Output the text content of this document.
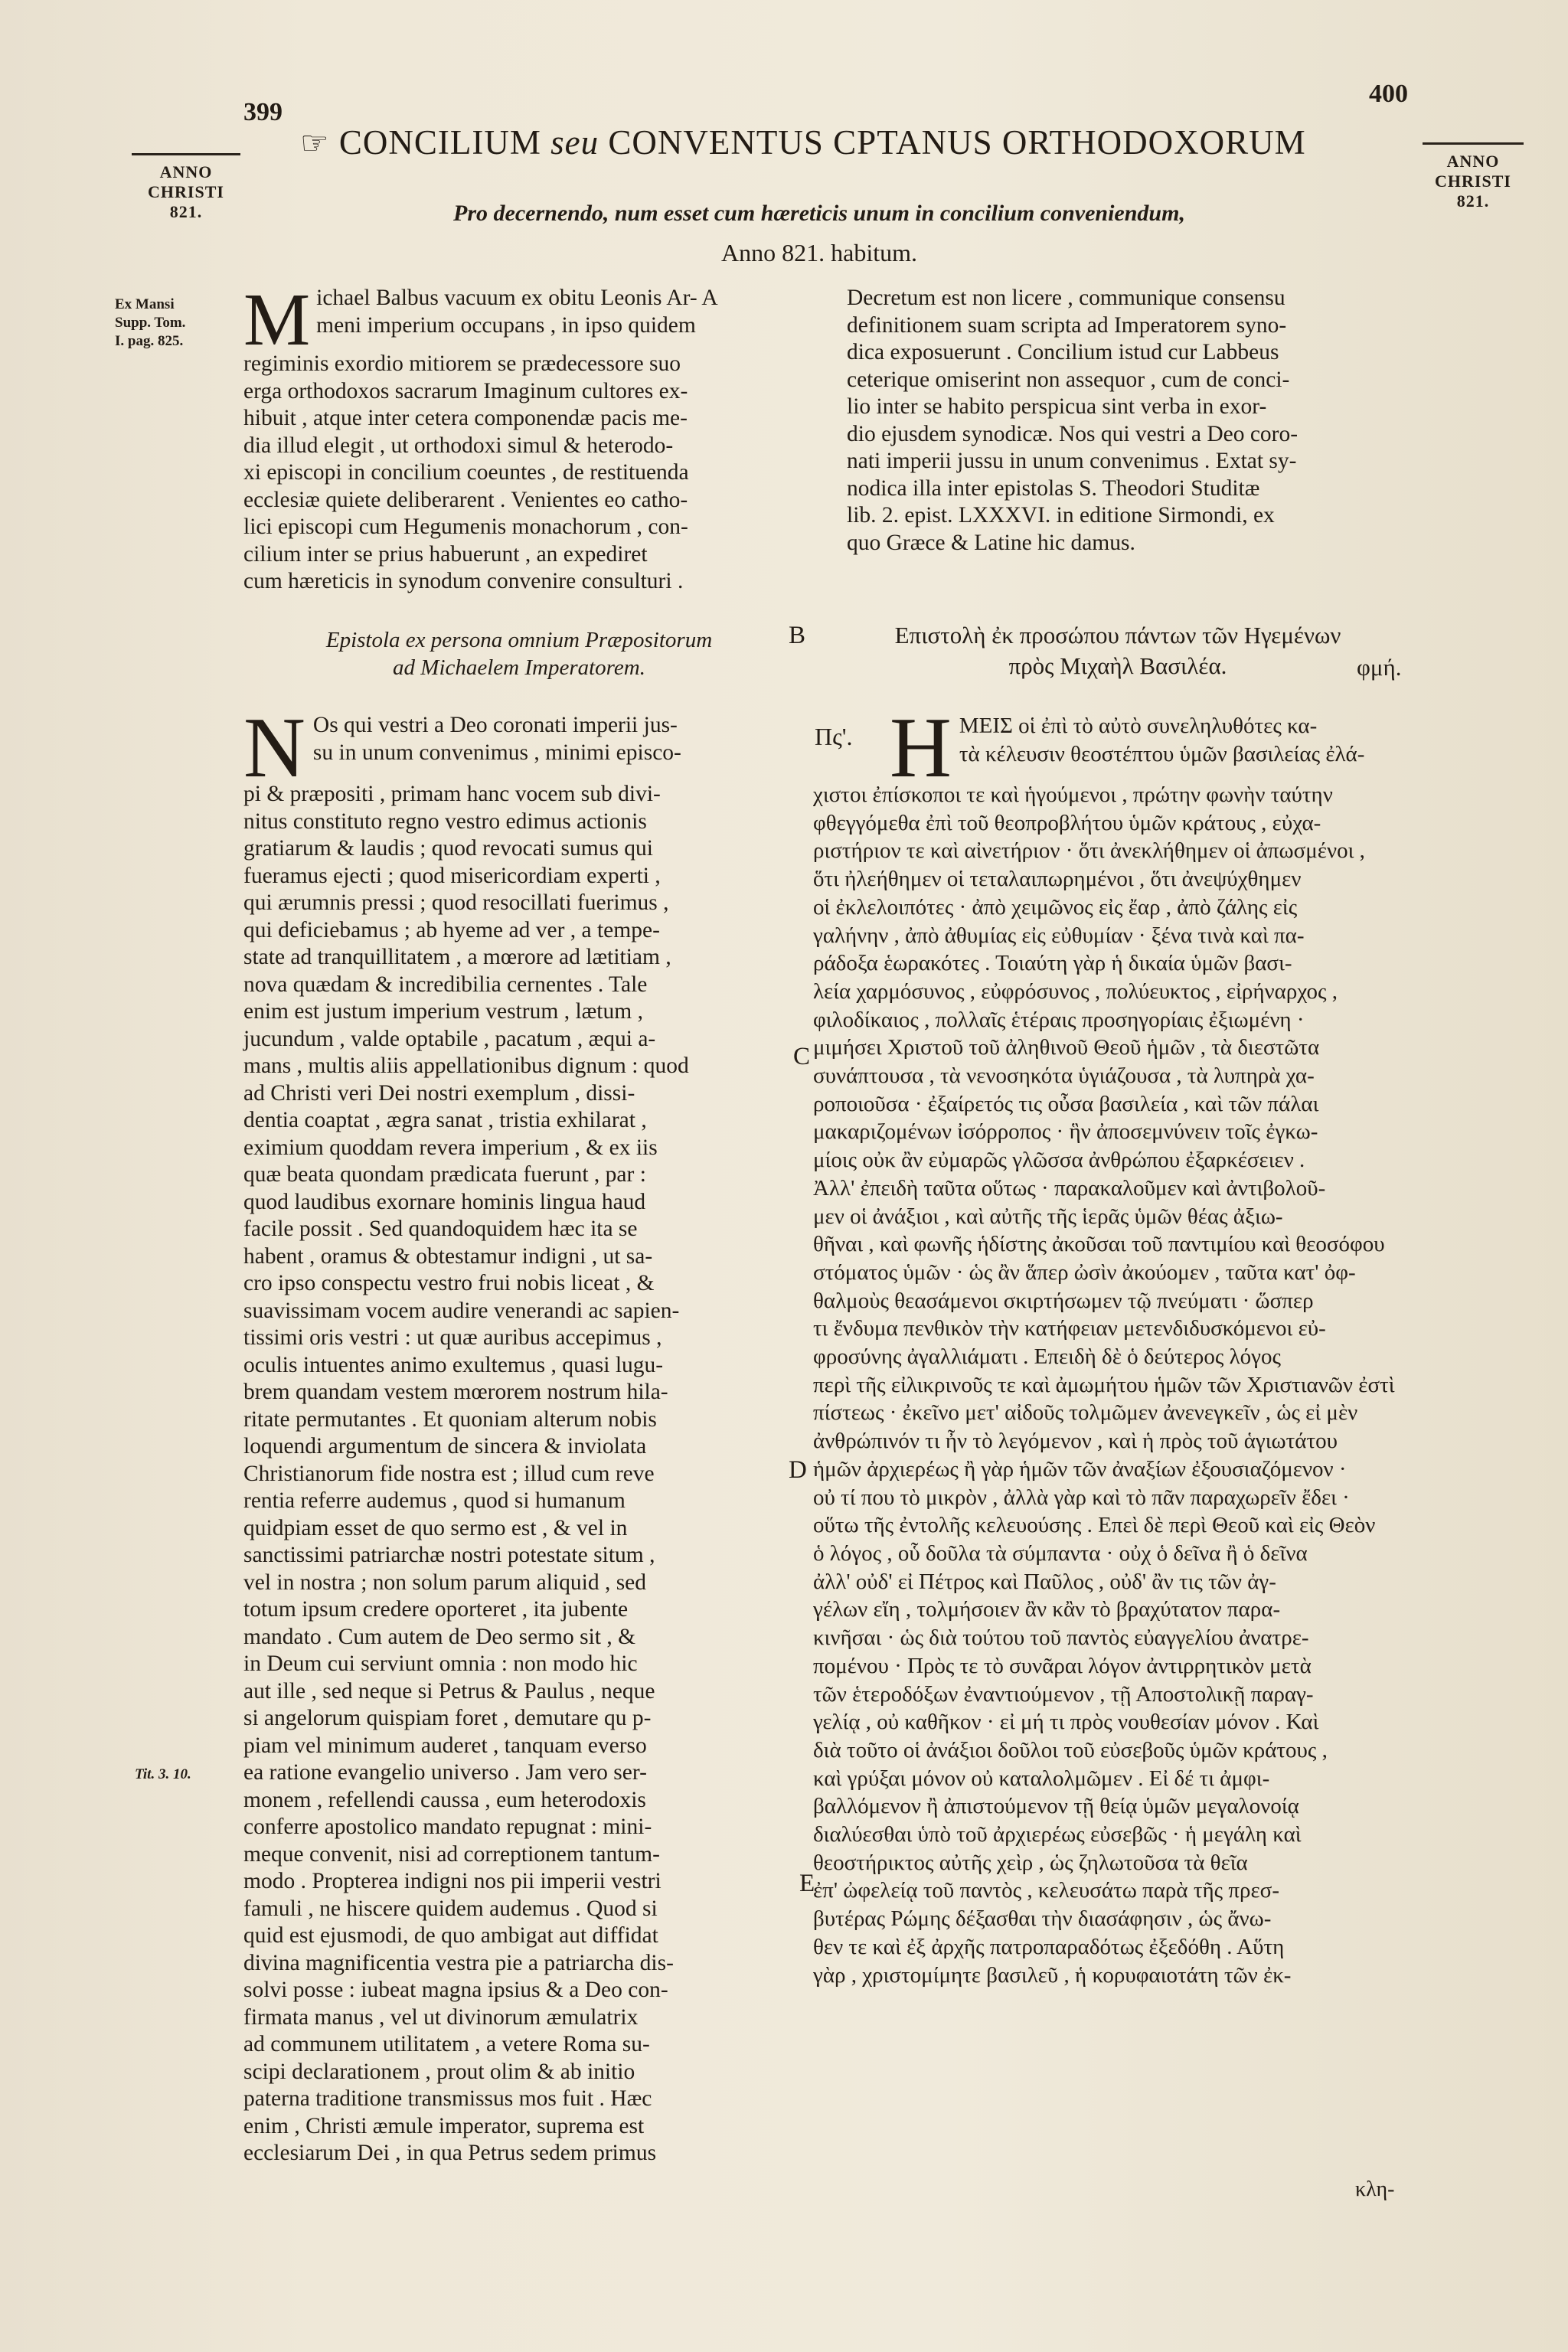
399
400
ANNO
CHRISTI
821.
ANNO
CHRISTI
821.
☞ CONCILIUM seu CONVENTUS CPTANUS ORTHODOXORUM
Pro decernendo, num esset cum hæreticis unum in concilium conveniendum,
Anno 821. habitum.
Ex Mansi
Supp. Tom.
I. pag. 825. M ichael Balbus vacuum ex obitu Leonis Ar- A
meni imperium occupans , in ipso quidem
regiminis exordio mitiorem se prædecessore suo
erga orthodoxos sacrarum Imaginum cultores ex-
hibuit , atque inter cetera componendæ pacis me-
dia illud elegit , ut orthodoxi simul & heterodo-
xi episcopi in concilium coeuntes , de restituenda
ecclesiæ quiete deliberarent . Venientes eo catho-
lici episcopi cum Hegumenis monachorum , con-
cilium inter se prius habuerunt , an expediret
cum hæreticis in synodum convenire consulturi .
Decretum est non licere , communique consensu
definitionem suam scripta ad Imperatorem syno-
dica exposuerunt . Concilium istud cur Labbeus
ceterique omiserint non assequor , cum de conci-
lio inter se habito perspicua sint verba in exor-
dio ejusdem synodicæ. Nos qui vestri a Deo coro-
nati imperii jussu in unum convenimus . Extat sy-
nodica illa inter epistolas S. Theodori Studitæ
lib. 2. epist. LXXXVI. in editione Sirmondi, ex
quo Græce & Latine hic damus.
Epistola ex persona omnium Præpositorum
ad Michaelem Imperatorem.
B	Επιστολὴ ἐκ προσώπου πάντων τῶν Ηγεμένων
πρὸς Μιχαὴλ Βασιλέα.	φμή.
N Os qui vestri a Deo coronati imperii jus-
su in unum convenimus , minimi episco-
pi & præpositi , primam hanc vocem sub divi-
nitus constituto regno vestro edimus actionis
gratiarum & laudis ; quod revocati sumus qui
fueramus ejecti ; quod misericordiam experti ,
qui ærumnis pressi ; quod resocillati fuerimus ,
qui deficiebamus ; ab hyeme ad ver , a tempe-
state ad tranquillitatem , a mœrore ad lætitiam ,
nova quædam & incredibilia cernentes . Tale
enim est justum imperium vestrum , lætum ,
jucundum , valde optabile , pacatum , æqui a-
mans , multis aliis appellationibus dignum : quod
ad Christi veri Dei nostri exemplum , dissi-
dentia coaptat , ægra sanat , tristia exhilarat ,
eximium quoddam revera imperium , & ex iis
quæ beata quondam prædicata fuerunt , par :
quod laudibus exornare hominis lingua haud
facile possit . Sed quandoquidem hæc ita se
habent , oramus & obtestamur indigni , ut sa-
cro ipso conspectu vestro frui nobis liceat , &
suavissimam vocem audire venerandi ac sapien-
tissimi oris vestri : ut quæ auribus accepimus ,
oculis intuentes animo exultemus , quasi lugu-
brem quandam vestem mœrorem nostrum hila-
ritate permutantes . Et quoniam alterum nobis
loquendi argumentum de sincera & inviolata
Christianorum fide nostra est ; illud cum reve
rentia referre audemus , quod si humanum
quidpiam esset de quo sermo est , & vel in
sanctissimi patriarchæ nostri potestate situm ,
vel in nostra ; non solum parum aliquid , sed
totum ipsum credere oporteret , ita jubente
mandato . Cum autem de Deo sermo sit , &
in Deum cui serviunt omnia : non modo hic
aut ille , sed neque si Petrus & Paulus , neque
si angelorum quispiam foret , demutare qu p-
piam vel minimum auderet , tanquam everso
ea ratione evangelio universo . Jam vero ser-
monem , refellendi caussa , eum heterodoxis
conferre apostolico mandato repugnat : mini-
meque convenit, nisi ad correptionem tantum-
modo . Propterea indigni nos pii imperii vestri
famuli , ne hiscere quidem audemus . Quod si
quid est ejusmodi, de quo ambigat aut diffidat
divina magnificentia vestra pie a patriarcha dis-
solvi posse : iubeat magna ipsius & a Deo con-
firmata manus , vel ut divinorum æmulatrix
ad communem utilitatem , a vetere Roma su-
scipi declarationem , prout olim & ab initio
paterna traditione transmissus mos fuit . Hæc
enim , Christi æmule imperator, suprema est
ecclesiarum Dei , in qua Petrus sedem primus
C
D
E
Tit. 3. 10.
Πς'. Η ΜΕΙΣ οἱ ἐπὶ τὸ αὐτὸ συνεληλυθότες κα-
τὰ κέλευσιν θεοστέπτου ὑμῶν βασιλείας ἐλά-
χιστοι ἐπίσκοποι τε καὶ ἡγούμενοι , πρώτην φωνὴν ταύτην
φθεγγόμεθα ἐπὶ τοῦ θεοπροβλήτου ὑμῶν κράτους , εὐχα-
ριστήριον τε καὶ αἰνετήριον · ὅτι ἀνεκλήθημεν οἱ ἀπωσμένοι ,
ὅτι ἠλεήθημεν οἱ τεταλαιπωρημένοι , ὅτι ἀνεψύχθημεν
οἱ ἐκλελοιπότες · ἀπὸ χειμῶνος εἰς ἔαρ , ἀπὸ ζάλης εἰς
γαλήνην , ἀπὸ ἀθυμίας εἰς εὐθυμίαν · ξένα τινὰ καὶ πα-
ράδοξα ἑωρακότες . Τοιαύτη γὰρ ἡ δικαία ὑμῶν βασι-
λεία χαρμόσυνος , εὐφρόσυνος , πολύευκτος , εἰρήναρχος ,
φιλοδίκαιος , πολλαῖς ἑτέραις προσηγορίαις ἐξιωμένη ·
μιμήσει Χριστοῦ τοῦ ἀληθινοῦ Θεοῦ ἡμῶν , τὰ διεστῶτα
συνάπτουσα , τὰ νενοσηκότα ὑγιάζουσα , τὰ λυπηρὰ χα-
ροποιοῦσα · ἐξαίρετός τις οὖσα βασιλεία , καὶ τῶν πάλαι
μακαριζομένων ἰσόρροπος · ἣν ἀποσεμνύνειν τοῖς ἐγκω-
μίοις οὐκ ἂν εὐμαρῶς γλῶσσα ἀνθρώπου ἐξαρκέσειεν .
Ἀλλ' ἐπειδὴ ταῦτα οὕτως · παρακαλοῦμεν καὶ ἀντιβολοῦ-
μεν οἱ ἀνάξιοι , καὶ αὐτῆς τῆς ἱερᾶς ὑμῶν θέας ἀξιω-
θῆναι , καὶ φωνῆς ἡδίστης ἀκοῦσαι τοῦ παντιμίου καὶ θεοσόφου
στόματος ὑμῶν · ὡς ἂν ἅπερ ὠσὶν ἀκούομεν , ταῦτα κατ' ὀφ-
θαλμοὺς θεασάμενοι σκιρτήσωμεν τῷ πνεύματι · ὥσπερ
τι ἔνδυμα πενθικὸν τὴν κατήφειαν μετενδιδυσκόμενοι εὐ-
φροσύνης ἀγαλλιάματι . Επειδὴ δὲ ὁ δεύτερος λόγος
περὶ τῆς εἰλικρινοῦς τε καὶ ἀμωμήτου ἡμῶν τῶν Χριστιανῶν ἐστὶ
πίστεως · ἐκεῖνο μετ' αἰδοῦς τολμῶμεν ἀνενεγκεῖν , ὡς εἰ μὲν
ἀνθρώπινόν τι ἦν τὸ λεγόμενον , καὶ ἡ πρὸς τοῦ ἁγιωτάτου
ἡμῶν ἀρχιερέως ἢ γὰρ ἡμῶν τῶν ἀναξίων ἐξουσιαζόμενον ·
οὐ τί που τὸ μικρὸν , ἀλλὰ γὰρ καὶ τὸ πᾶν παραχωρεῖν ἔδει ·
οὕτω τῆς ἐντολῆς κελευούσης . Επεὶ δὲ περὶ Θεοῦ καὶ εἰς Θεὸν
ὁ λόγος , οὗ δοῦλα τὰ σύμπαντα · οὐχ ὁ δεῖνα ἢ ὁ δεῖνα
ἀλλ' οὐδ' εἰ Πέτρος καὶ Παῦλος , οὐδ' ἂν τις τῶν ἀγ-
γέλων εἴη , τολμήσοιεν ἂν κἂν τὸ βραχύτατον παρα-
κινῆσαι · ὡς διὰ τούτου τοῦ παντὸς εὐαγγελίου ἀνατρε-
πομένου · Πρὸς τε τὸ συνᾶραι λόγον ἀντιρρητικὸν μετὰ
τῶν ἑτεροδόξων ἐναντιούμενον , τῇ Αποστολικῇ παραγ-
γελίᾳ , οὐ καθῆκον · εἰ μή τι πρὸς νουθεσίαν μόνον . Καὶ
διὰ τοῦτο οἱ ἀνάξιοι δοῦλοι τοῦ εὐσεβοῦς ὑμῶν κράτους ,
καὶ γρύξαι μόνον οὐ καταλολμῶμεν . Εἰ δέ τι ἀμφι-
βαλλόμενον ἢ ἀπιστούμενον τῇ θείᾳ ὑμῶν μεγαλονοίᾳ
διαλύεσθαι ὑπὸ τοῦ ἀρχιερέως εὐσεβῶς · ἡ μεγάλη καὶ
θεοστήρικτος αὐτῆς χεὶρ , ὡς ζηλωτοῦσα τὰ θεῖα
ἐπ' ὠφελείᾳ τοῦ παντὸς , κελευσάτω παρὰ τῆς πρεσ-
βυτέρας Ρώμης δέξασθαι τὴν διασάφησιν , ὡς ἄνω-
θεν τε καὶ ἐξ ἀρχῆς πατροπαραδότως ἐξεδόθη . Αὕτη
γὰρ , χριστομίμητε βασιλεῦ , ἡ κορυφαιοτάτη τῶν ἐκ-
κλη-
